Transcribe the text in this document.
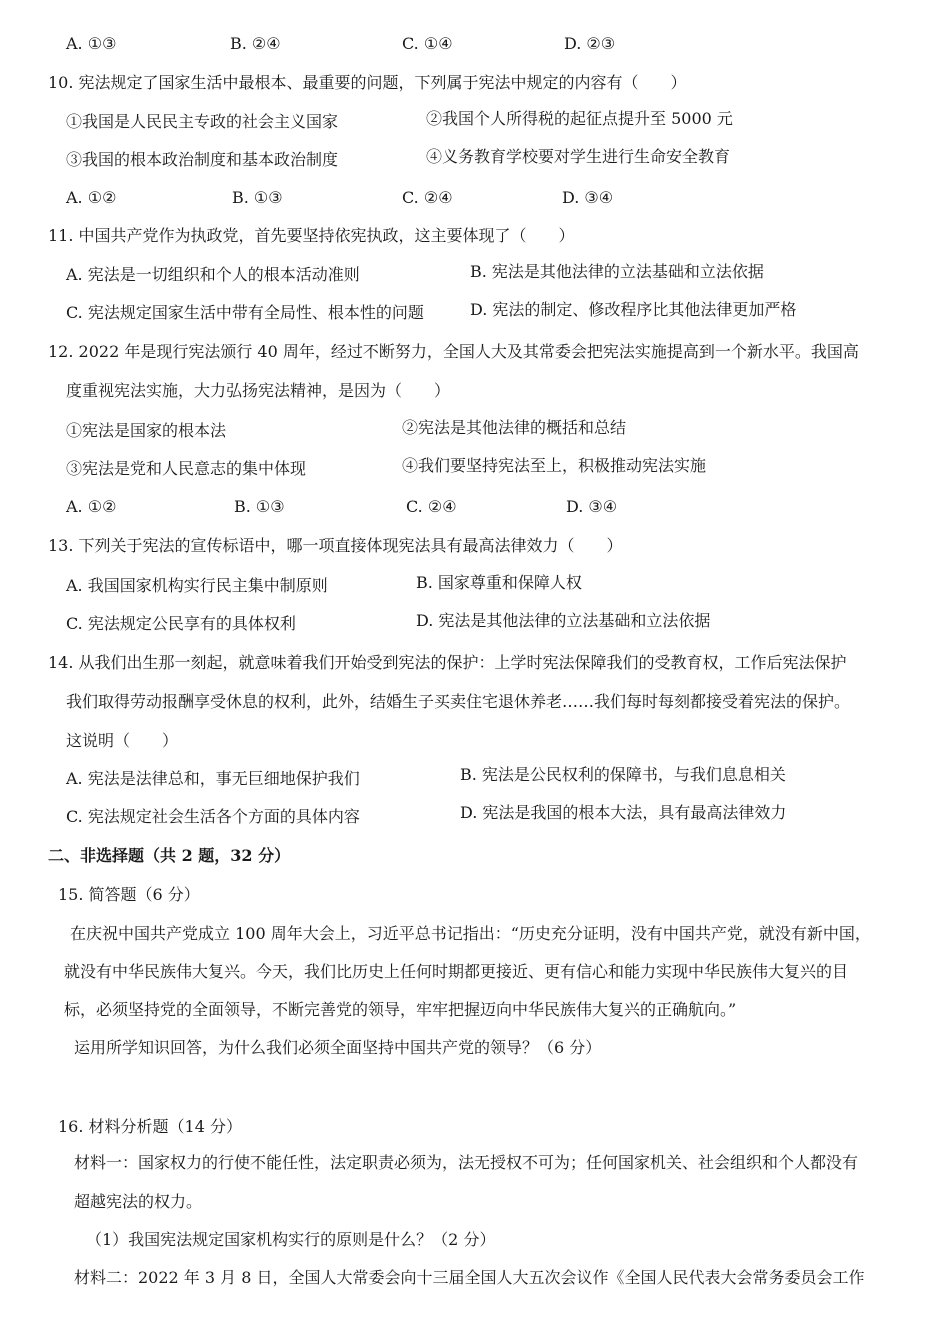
A. ①③	B. ②④	C. ①④	D. ②③
10. 宪法规定了国家生活中最根本、最重要的问题，下列属于宪法中规定的内容有（　　）
①我国是人民民主专政的社会主义国家	②我国个人所得税的起征点提升至 5000 元
③我国的根本政治制度和基本政治制度	④义务教育学校要对学生进行生命安全教育
A. ①②	B. ①③	C. ②④	D. ③④
11. 中国共产党作为执政党，首先要坚持依宪执政，这主要体现了（　　）
A. 宪法是一切组织和个人的根本活动准则	B. 宪法是其他法律的立法基础和立法依据
C. 宪法规定国家生活中带有全局性、根本性的问题	D. 宪法的制定、修改程序比其他法律更加严格
12. 2022 年是现行宪法颁行 40 周年，经过不断努力，全国人大及其常委会把宪法实施提高到一个新水平。我国高
度重视宪法实施，大力弘扬宪法精神，是因为（　　）
①宪法是国家的根本法	②宪法是其他法律的概括和总结
③宪法是党和人民意志的集中体现	④我们要坚持宪法至上，积极推动宪法实施
A. ①②	B. ①③	C. ②④	D. ③④
13. 下列关于宪法的宣传标语中，哪一项直接体现宪法具有最高法律效力（　　）
A. 我国国家机构实行民主集中制原则	B. 国家尊重和保障人权
C. 宪法规定公民享有的具体权利	D. 宪法是其他法律的立法基础和立法依据
14. 从我们出生那一刻起，就意味着我们开始受到宪法的保护：上学时宪法保障我们的受教育权，工作后宪法保护
我们取得劳动报酬享受休息的权利，此外，结婚生子买卖住宅退休养老……我们每时每刻都接受着宪法的保护。
这说明（　　）
A. 宪法是法律总和，事无巨细地保护我们	B. 宪法是公民权利的保障书，与我们息息相关
C. 宪法规定社会生活各个方面的具体内容	D. 宪法是我国的根本大法，具有最高法律效力
二、非选择题（共 2 题，32 分）
15. 简答题（6 分）
在庆祝中国共产党成立 100 周年大会上，习近平总书记指出：“历史充分证明，没有中国共产党，就没有新中国，
就没有中华民族伟大复兴。今天，我们比历史上任何时期都更接近、更有信心和能力实现中华民族伟大复兴的目
标，必须坚持党的全面领导，不断完善党的领导，牢牢把握迈向中华民族伟大复兴的正确航向。”
运用所学知识回答，为什么我们必须全面坚持中国共产党的领导？（6 分）
16. 材料分析题（14 分）
材料一：国家权力的行使不能任性，法定职责必须为，法无授权不可为；任何国家机关、社会组织和个人都没有
超越宪法的权力。
（1）我国宪法规定国家机构实行的原则是什么？（2 分）
材料二：2022 年 3 月 8 日，全国人大常委会向十三届全国人大五次会议作《全国人民代表大会常务委员会工作
